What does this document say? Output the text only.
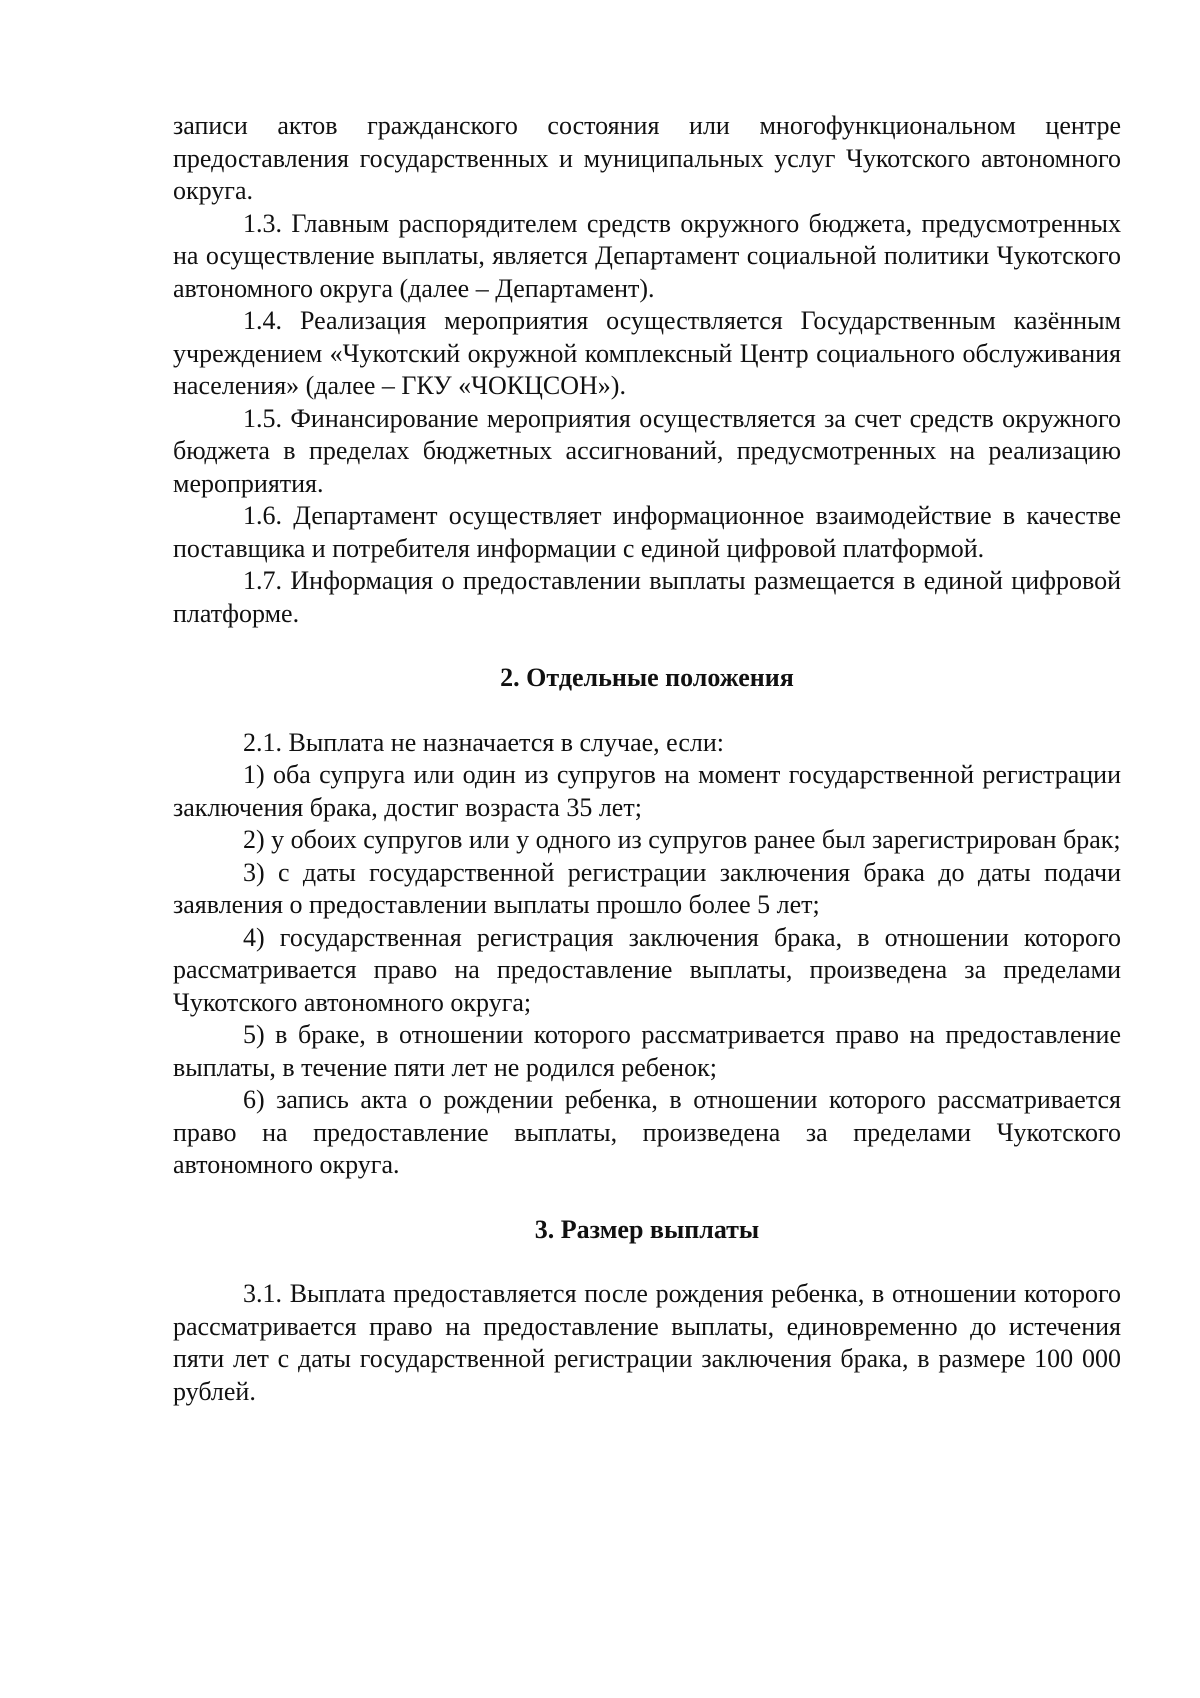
записи актов гражданского состояния или многофункциональном центре предоставления государственных и муниципальных услуг Чукотского автономного округа.

1.3. Главным распорядителем средств окружного бюджета, предусмотренных на осуществление выплаты, является Департамент социальной политики Чукотского автономного округа (далее – Департамент).

1.4. Реализация мероприятия осуществляется Государственным казённым учреждением «Чукотский окружной комплексный Центр социального обслуживания населения» (далее – ГКУ «ЧОКЦСОН»).

1.5. Финансирование мероприятия осуществляется за счет средств окружного бюджета в пределах бюджетных ассигнований, предусмотренных на реализацию мероприятия.

1.6. Департамент осуществляет информационное взаимодействие в качестве поставщика и потребителя информации с единой цифровой платформой.

1.7. Информация о предоставлении выплаты размещается в единой цифровой платформе.

2. Отдельные положения

2.1. Выплата не назначается в случае, если:

1) оба супруга или один из супругов на момент государственной регистрации заключения брака, достиг возраста 35 лет;

2) у обоих супругов или у одного из супругов ранее был зарегистрирован брак;

3) с даты государственной регистрации заключения брака до даты подачи заявления о предоставлении выплаты прошло более 5 лет;

4) государственная регистрация заключения брака, в отношении которого рассматривается право на предоставление выплаты, произведена за пределами Чукотского автономного округа;

5) в браке, в отношении которого рассматривается право на предоставление выплаты, в течение пяти лет не родился ребенок;

6) запись акта о рождении ребенка, в отношении которого рассматривается право на предоставление выплаты, произведена за пределами Чукотского автономного округа.

3. Размер выплаты

3.1. Выплата предоставляется после рождения ребенка, в отношении которого рассматривается право на предоставление выплаты, единовременно до истечения пяти лет с даты государственной регистрации заключения брака, в размере 100 000 рублей.
